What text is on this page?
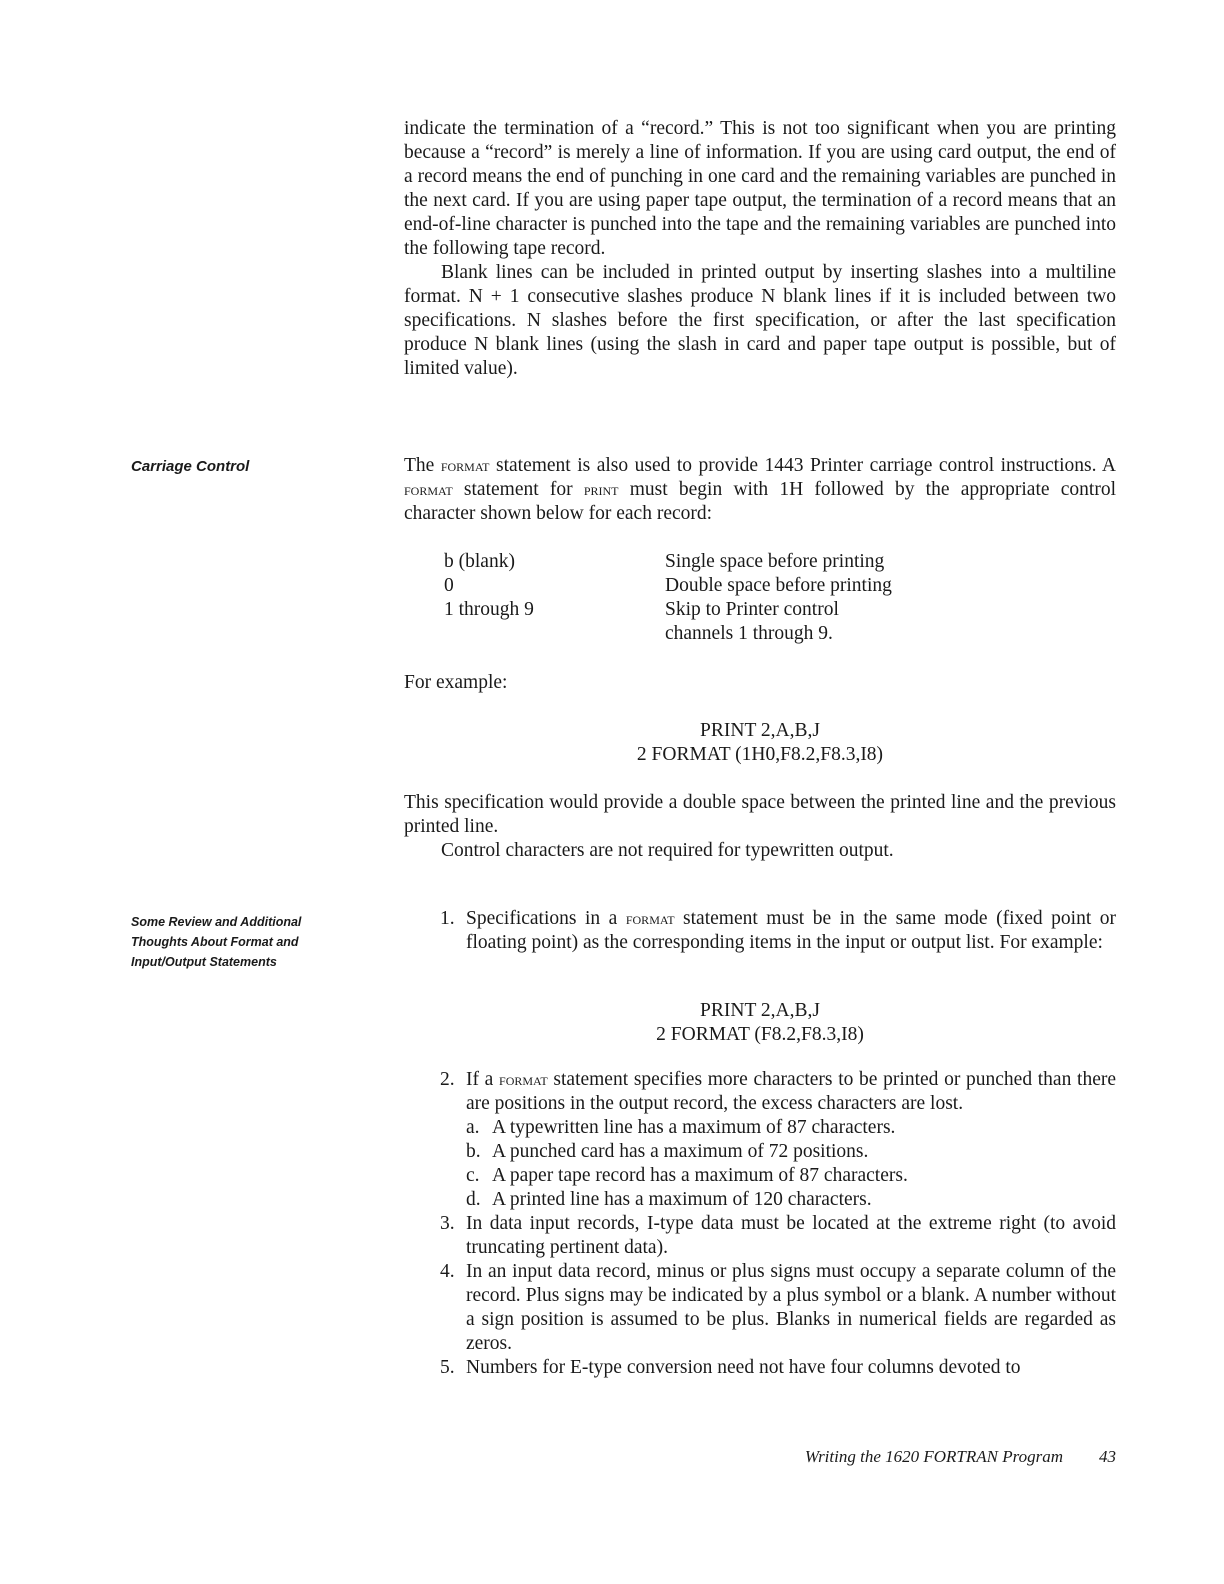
indicate the termination of a “record.” This is not too significant when you are printing because a “record” is merely a line of information. If you are using card output, the end of a record means the end of punching in one card and the remaining variables are punched in the next card. If you are using paper tape output, the termination of a record means that an end-of-line character is punched into the tape and the remaining variables are punched into the following tape record.

Blank lines can be included in printed output by inserting slashes into a multiline format. N + 1 consecutive slashes produce N blank lines if it is included between two specifications. N slashes before the first specification, or after the last specification produce N blank lines (using the slash in card and paper tape output is possible, but of limited value).

Carriage Control	The format statement is also used to provide 1443 Printer carriage control instructions. A format statement for print must begin with 1H followed by the appropriate control character shown below for each record:

b (blank)	Single space before printing
0	Double space before printing
1 through 9	Skip to Printer control
channels 1 through 9.
For example:
PRINT 2,A,B,J
2 FORMAT (1H0,F8.2,F8.3,I8)

This specification would provide a double space between the printed line and the previous printed line.

Control characters are not required for typewritten output.

Some Review and Additional
Thoughts About Format and
Input/Output Statements
1. Specifications in a format statement must be in the same mode (fixed point or floating point) as the corresponding items in the input or output list. For example:
PRINT 2,A,B,J
2 FORMAT (F8.2,F8.3,I8)
2. If a format statement specifies more characters to be printed or punched than there are positions in the output record, the excess characters are lost.
a. A typewritten line has a maximum of 87 characters.
b. A punched card has a maximum of 72 positions.
c. A paper tape record has a maximum of 87 characters.
d. A printed line has a maximum of 120 characters.
3. In data input records, I-type data must be located at the extreme right (to avoid truncating pertinent data).
4. In an input data record, minus or plus signs must occupy a separate column of the record. Plus signs may be indicated by a plus symbol or a blank. A number without a sign position is assumed to be plus. Blanks in numerical fields are regarded as zeros.
5. Numbers for E-type conversion need not have four columns devoted to
Writing the 1620 FORTRAN Program 43
